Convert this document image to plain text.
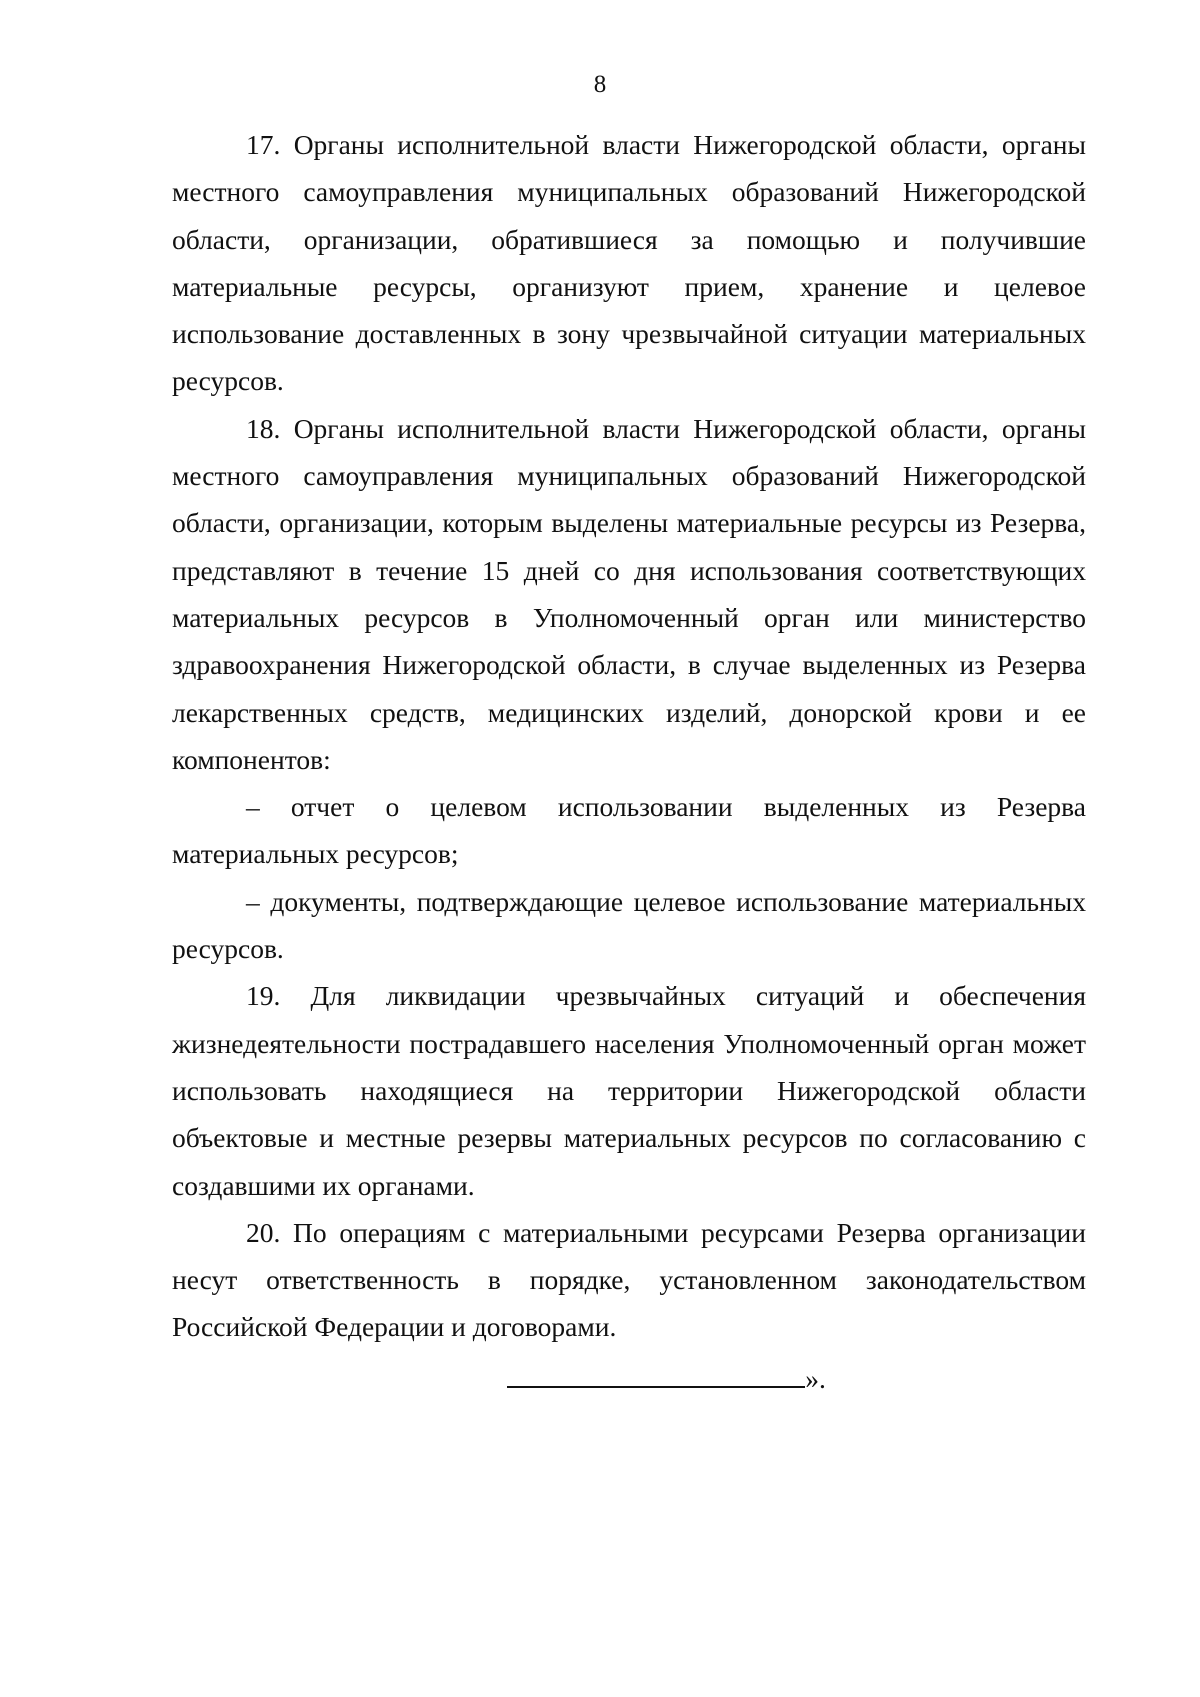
8

17. Органы исполнительной власти Нижегородской области, органы местного самоуправления муниципальных образований Нижегородской области, организации, обратившиеся за помощью и получившие материальные ресурсы, организуют прием, хранение и целевое использование доставленных в зону чрезвычайной ситуации материальных ресурсов.

18. Органы исполнительной власти Нижегородской области, органы местного самоуправления муниципальных образований Нижегородской области, организации, которым выделены материальные ресурсы из Резерва, представляют в течение 15 дней со дня использования соответствующих материальных ресурсов в Уполномоченный орган или министерство здравоохранения Нижегородской области, в случае выделенных из Резерва лекарственных средств, медицинских изделий, донорской крови и ее компонентов:

– отчет о целевом использовании выделенных из Резерва материальных ресурсов;

– документы, подтверждающие целевое использование материальных ресурсов.

19. Для ликвидации чрезвычайных ситуаций и обеспечения жизнедеятельности пострадавшего населения Уполномоченный орган может использовать находящиеся на территории Нижегородской области объектовые и местные резервы материальных ресурсов по согласованию с создавшими их органами.

20. По операциям с материальными ресурсами Резерва организации несут ответственность в порядке, установленном законодательством Российской Федерации и договорами.

».
